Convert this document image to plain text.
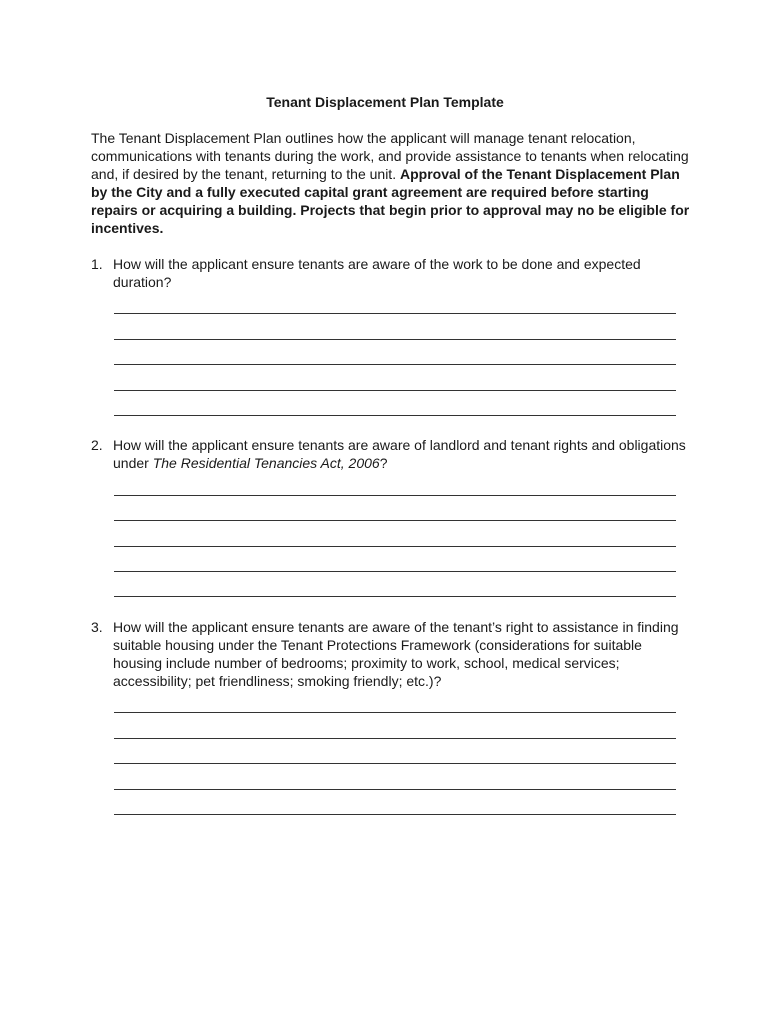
Tenant Displacement Plan Template
The Tenant Displacement Plan outlines how the applicant will manage tenant relocation, communications with tenants during the work, and provide assistance to tenants when relocating and, if desired by the tenant, returning to the unit. Approval of the Tenant Displacement Plan by the City and a fully executed capital grant agreement are required before starting repairs or acquiring a building. Projects that begin prior to approval may no be eligible for incentives.
1. How will the applicant ensure tenants are aware of the work to be done and expected duration?
2. How will the applicant ensure tenants are aware of landlord and tenant rights and obligations under The Residential Tenancies Act, 2006?
3. How will the applicant ensure tenants are aware of the tenant’s right to assistance in finding suitable housing under the Tenant Protections Framework (considerations for suitable housing include number of bedrooms; proximity to work, school, medical services; accessibility; pet friendliness; smoking friendly; etc.)?
